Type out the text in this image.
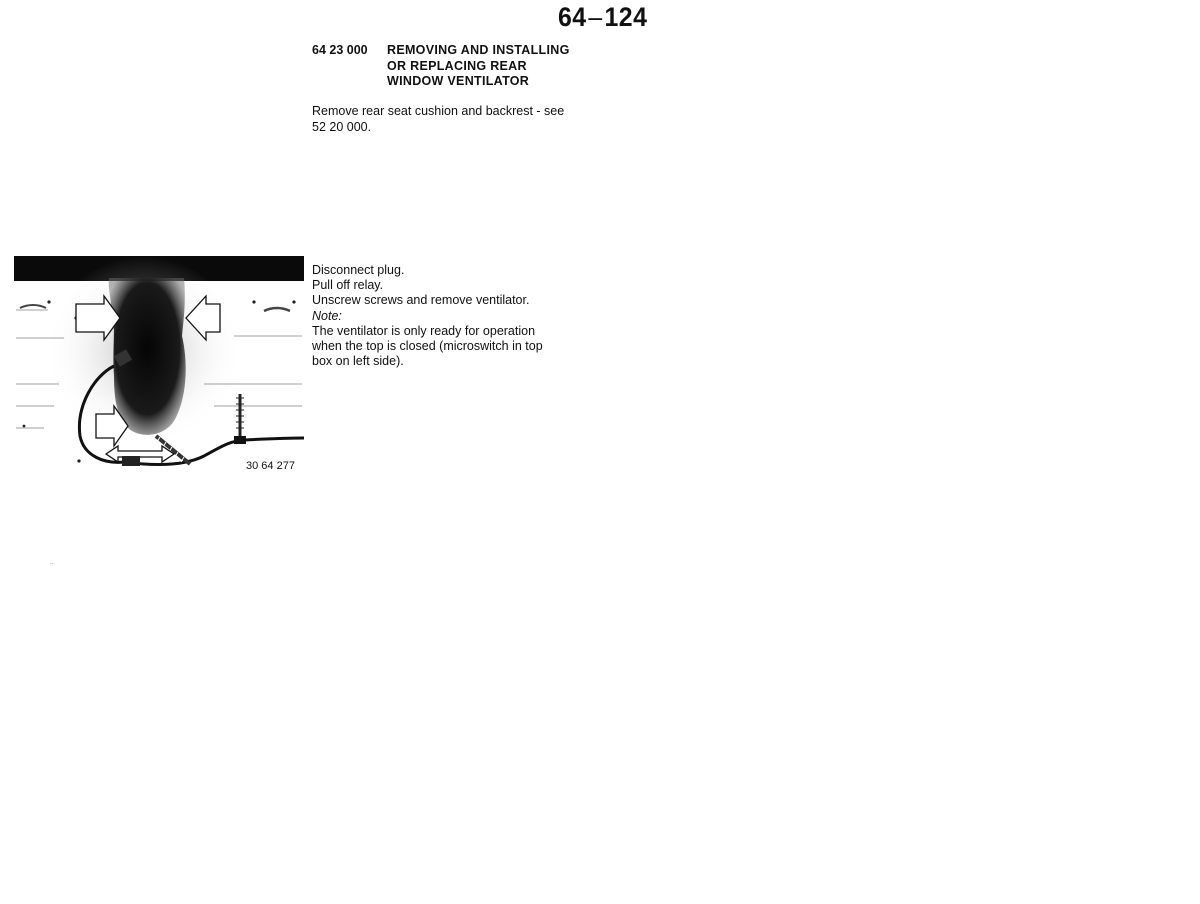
64–124
64 23 000 REMOVING AND INSTALLING
OR REPLACING REAR
WINDOW VENTILATOR
Remove rear seat cushion and backrest - see
52 20 000.
30 64 277
Disconnect plug.
Pull off relay.
Unscrew screws and remove ventilator.
Note:
The ventilator is only ready for operation
when the top is closed (microswitch in top
box on left side).
..
